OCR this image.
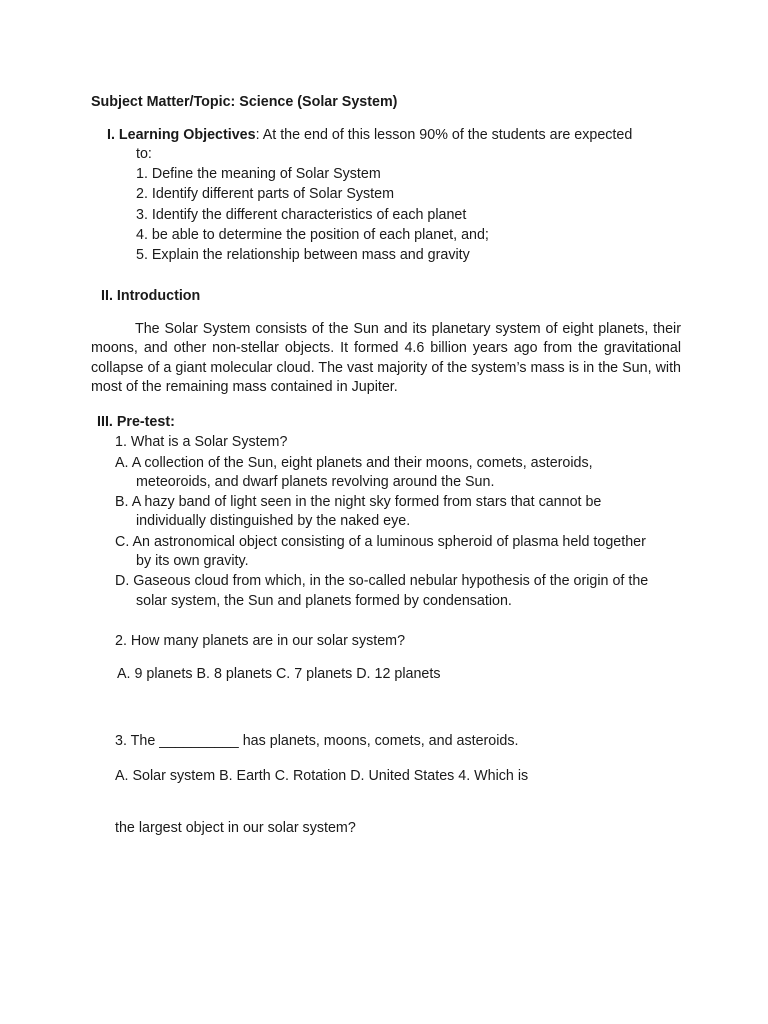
Subject Matter/Topic: Science (Solar System)
I. Learning Objectives: At the end of this lesson 90% of the students are expected
to:
1. Define the meaning of Solar System
2. Identify different parts of Solar System
3. Identify the different characteristics of each planet
4. be able to determine the position of each planet, and;
5. Explain the relationship between mass and gravity
II. Introduction
The Solar System consists of the Sun and its planetary system of eight planets, their moons, and other non-stellar objects. It formed 4.6 billion years ago from the gravitational collapse of a giant molecular cloud. The vast majority of the system’s mass is in the Sun, with most of the remaining mass contained in Jupiter.
III. Pre-test:
1. What is a Solar System?
A. A collection of the Sun, eight planets and their moons, comets, asteroids,
meteoroids, and dwarf planets revolving around the Sun.
B. A hazy band of light seen in the night sky formed from stars that cannot be
individually distinguished by the naked eye.
C. An astronomical object consisting of a luminous spheroid of plasma held together
by its own gravity.
D. Gaseous cloud from which, in the so-called nebular hypothesis of the origin of the
solar system, the Sun and planets formed by condensation.
2. How many planets are in our solar system?
A. 9 planets B. 8 planets C. 7 planets D. 12 planets
3. The __________ has planets, moons, comets, and asteroids.
A. Solar system B. Earth C. Rotation D. United States 4. Which is
the largest object in our solar system?
